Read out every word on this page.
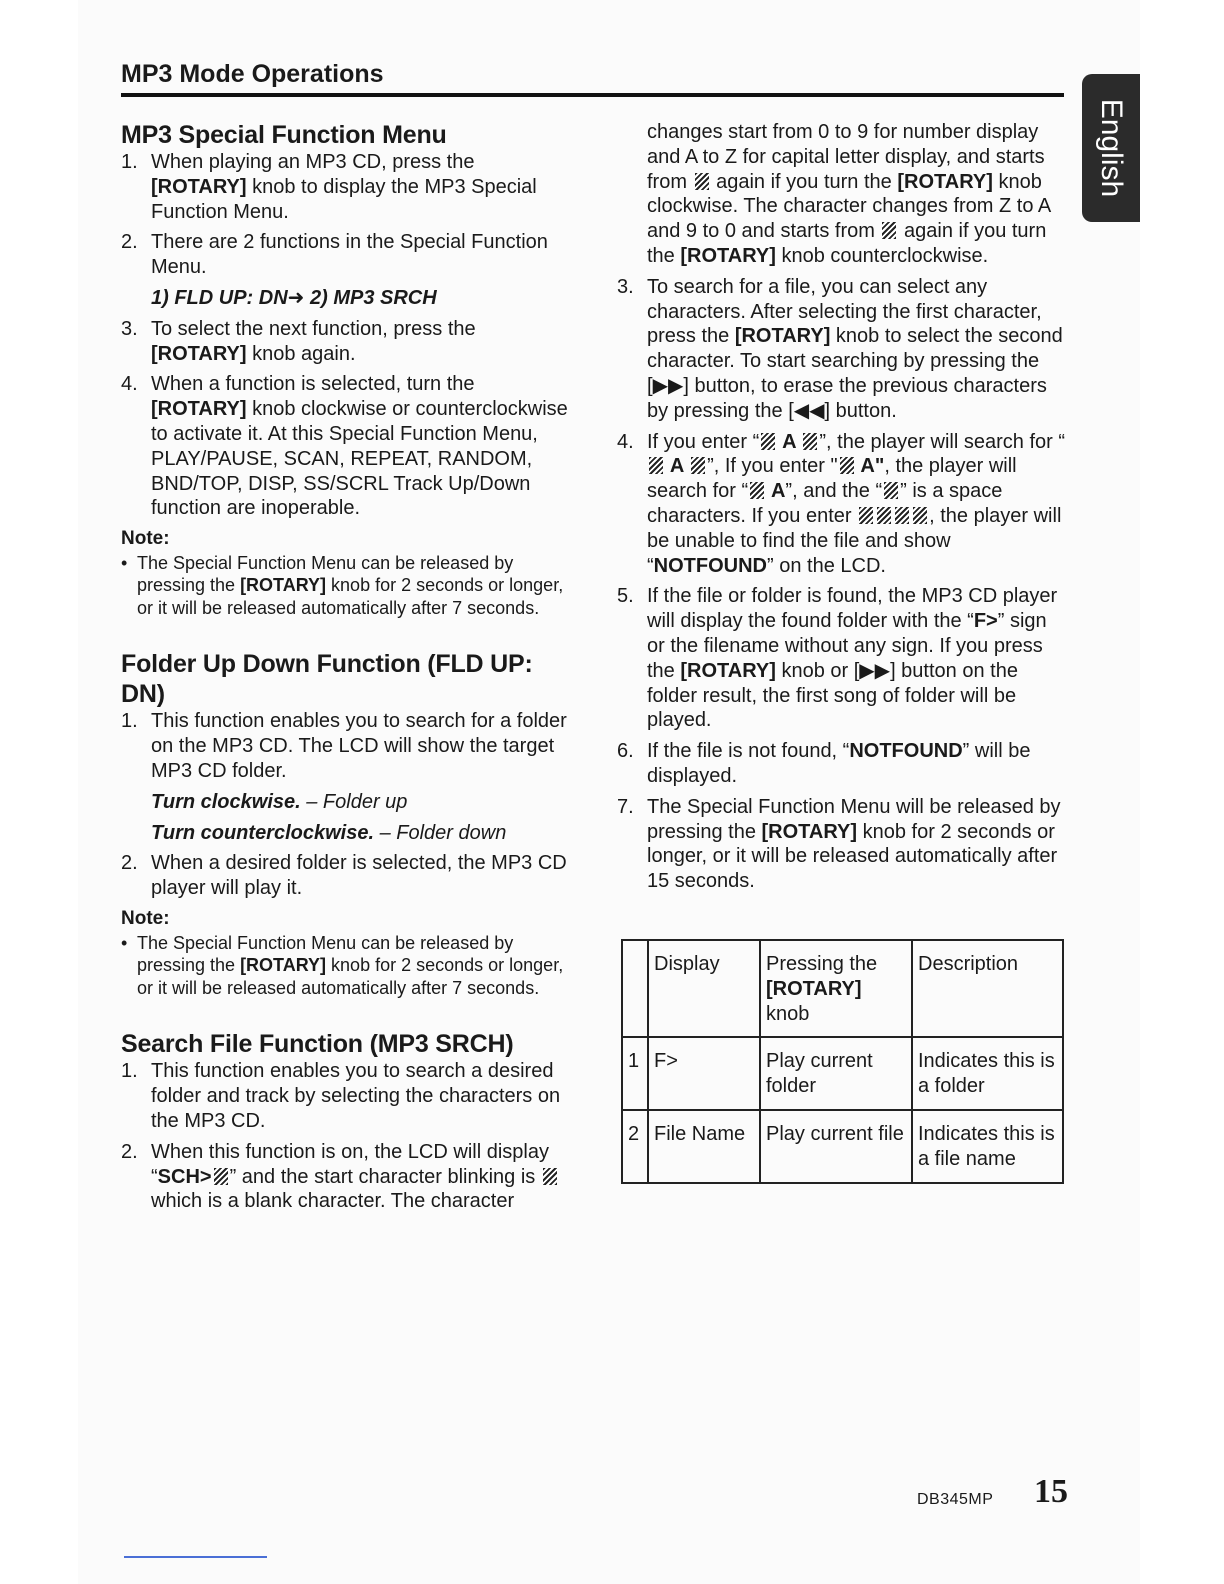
MP3 Mode Operations
English
MP3 Special Function Menu
1. When playing an MP3 CD, press the [ROTARY] knob to display the MP3 Special Function Menu.
2. There are 2 functions in the Special Function Menu.
1) FLD UP: DN➜ 2) MP3 SRCH
3. To select the next function, press the [ROTARY] knob again.
4. When a function is selected, turn the [ROTARY] knob clockwise or counterclockwise to activate it. At this Special Function Menu, PLAY/PAUSE, SCAN, REPEAT, RANDOM, BND/TOP, DISP, SS/SCRL Track Up/Down function are inoperable.
Note:
• The Special Function Menu can be released by pressing the [ROTARY] knob for 2 seconds or longer, or it will be released automatically after 7 seconds.
Folder Up Down Function (FLD UP: DN)
1. This function enables you to search for a folder on the MP3 CD. The LCD will show the target MP3 CD folder.
Turn clockwise. – Folder up
Turn counterclockwise. – Folder down
2. When a desired folder is selected, the MP3 CD player will play it.
Note:
• The Special Function Menu can be released by pressing the [ROTARY] knob for 2 seconds or longer, or it will be released automatically after 7 seconds.
Search File Function (MP3 SRCH)
1. This function enables you to search a desired folder and track by selecting the characters on the MP3 CD.
2. When this function is on, the LCD will display “SCH> ” and the start character blinking is  which is a blank character. The character
changes start from 0 to 9 for number display and A to Z for capital letter display, and starts from  again if you turn the [ROTARY] knob clockwise. The character changes from Z to A and 9 to 0 and starts from  again if you turn the [ROTARY] knob counterclockwise.
3. To search for a file, you can select any characters. After selecting the first character, press the [ROTARY] knob to select the second character. To start searching by pressing the [▶▶] button, to erase the previous characters by pressing the [◀◀] button.
4. If you enter “ A ”, the player will search for “ A ”, If you enter " A", the player will search for “ A”, and the “ ” is a space characters. If you enter	, the player will be unable to find the file and show “NOTFOUND” on the LCD.
5. If the file or folder is found, the MP3 CD player will display the found folder with the “F>” sign or the filename without any sign. If you press the [ROTARY] knob or [▶▶] button on the folder result, the first song of folder will be played.
6. If the file is not found, “NOTFOUND” will be displayed.
7. The Special Function Menu will be released by pressing the [ROTARY] knob for 2 seconds or longer, or it will be released automatically after 15 seconds.
	Display	Pressing the [ROTARY] knob	Description
1	F>	Play current folder	Indicates this is a folder
2	File Name	Play current file	Indicates this is a file name
DB345MP 15
